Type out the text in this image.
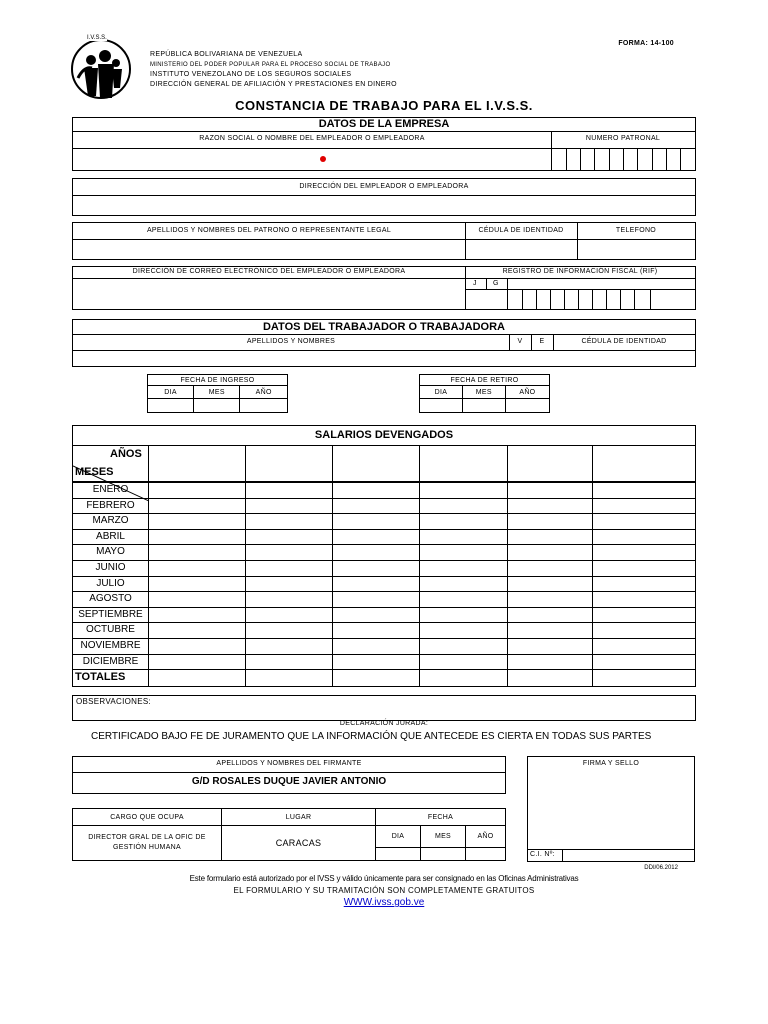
FORMA: 14-100
I.V.S.S.
REPÚBLICA BOLIVARIANA DE VENEZUELA
MINISTERIO DEL PODER POPULAR PARA EL PROCESO SOCIAL DE TRABAJO
INSTITUTO VENEZOLANO DE LOS SEGUROS SOCIALES
DIRECCIÓN GENERAL DE AFILIACIÓN Y PRESTACIONES EN DINERO
CONSTANCIA DE TRABAJO PARA EL I.V.S.S.
DATOS DE LA EMPRESA
RAZON SOCIAL O NOMBRE DEL EMPLEADOR O EMPLEADORA	NUMERO PATRONAL
DIRECCIÓN DEL EMPLEADOR O EMPLEADORA
APELLIDOS Y NOMBRES DEL PATRONO O REPRESENTANTE LEGAL	CÉDULA DE IDENTIDAD	TELEFONO
DIRECCIÓN DE CORREO ELECTRÓNICO DEL EMPLEADOR O EMPLEADORA	REGISTRO DE INFORMACIÓN FISCAL (RIF)
J G
DATOS DEL TRABAJADOR O TRABAJADORA
APELLIDOS Y NOMBRES	V	E	CÉDULA DE IDENTIDAD
FECHA DE INGRESO		
DIA	MES	AÑO

FECHA DE RETIRO		
DIA	MES	AÑO

SALARIOS DEVENGADOS
AÑOS
MESES
ENERO
FEBRERO
MARZO
ABRIL
MAYO
JUNIO
JULIO
AGOSTO
SEPTIEMBRE
OCTUBRE
NOVIEMBRE
DICIEMBRE
TOTALES
OBSERVACIONES:
DECLARACIÓN JURADA:
CERTIFICADO BAJO FE DE JURAMENTO QUE LA INFORMACIÓN QUE ANTECEDE ES CIERTA EN TODAS SUS PARTES
APELLIDOS Y NOMBRES DEL FIRMANTE
G/D ROSALES DUQUE JAVIER ANTONIO
FIRMA Y SELLO
C.I. Nº:
CARGO QUE OCUPA	LUGAR	FECHA		
DIRECTOR GRAL DE LA OFIC DE GESTIÓN HUMANA	CARACAS	DIA	MES	AÑO

DDI/06.2012
Este formulario está autorizado por el IVSS y válido únicamente para ser consignado en las Oficinas Administrativas
EL FORMULARIO Y SU TRAMITACIÓN SON COMPLETAMENTE GRATUITOS
WWW.ivss.gob.ve
